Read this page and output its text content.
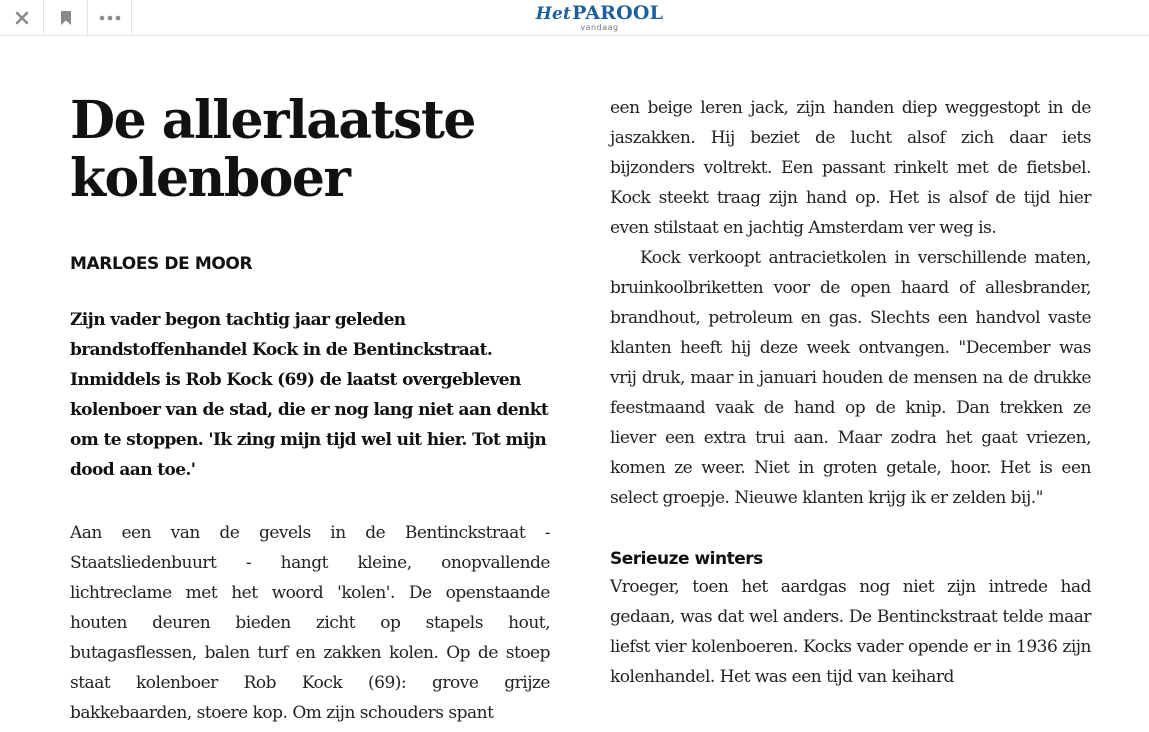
HetPAROOL
vandaag
De allerlaatste kolenboer
MARLOES DE MOOR

Zijn vader begon tachtig jaar geleden brandstoffenhandel Kock in de Bentinckstraat. Inmiddels is Rob Kock (69) de laatst overgebleven kolenboer van de stad, die er nog lang niet aan denkt om te stoppen. 'Ik zing mijn tijd wel uit hier. Tot mijn dood aan toe.'

Aan een van de gevels in de Bentinckstraat - Staatsliedenbuurt - hangt kleine, onopvallende lichtreclame met het woord 'kolen'. De openstaande houten deuren bieden zicht op stapels hout, butagasflessen, balen turf en zakken kolen. Op de stoep staat kolenboer Rob Kock (69): grove grijze bakkebaarden, stoere kop. Om zijn schouders spant

een beige leren jack, zijn handen diep weggestopt in de jaszakken. Hij beziet de lucht alsof zich daar iets bijzonders voltrekt. Een passant rinkelt met de fietsbel. Kock steekt traag zijn hand op. Het is alsof de tijd hier even stilstaat en jachtig Amsterdam ver weg is.

Kock verkoopt antracietkolen in verschillende maten, bruinkoolbriketten voor de open haard of allesbrander, brandhout, petroleum en gas. Slechts een handvol vaste klanten heeft hij deze week ontvangen. "December was vrij druk, maar in januari houden de mensen na de drukke feestmaand vaak de hand op de knip. Dan trekken ze liever een extra trui aan. Maar zodra het gaat vriezen, komen ze weer. Niet in groten getale, hoor. Het is een select groepje. Nieuwe klanten krijg ik er zelden bij."

Serieuze winters

Vroeger, toen het aardgas nog niet zijn intrede had gedaan, was dat wel anders. De Bentinckstraat telde maar liefst vier kolenboeren. Kocks vader opende er in 1936 zijn kolenhandel. Het was een tijd van keihard
